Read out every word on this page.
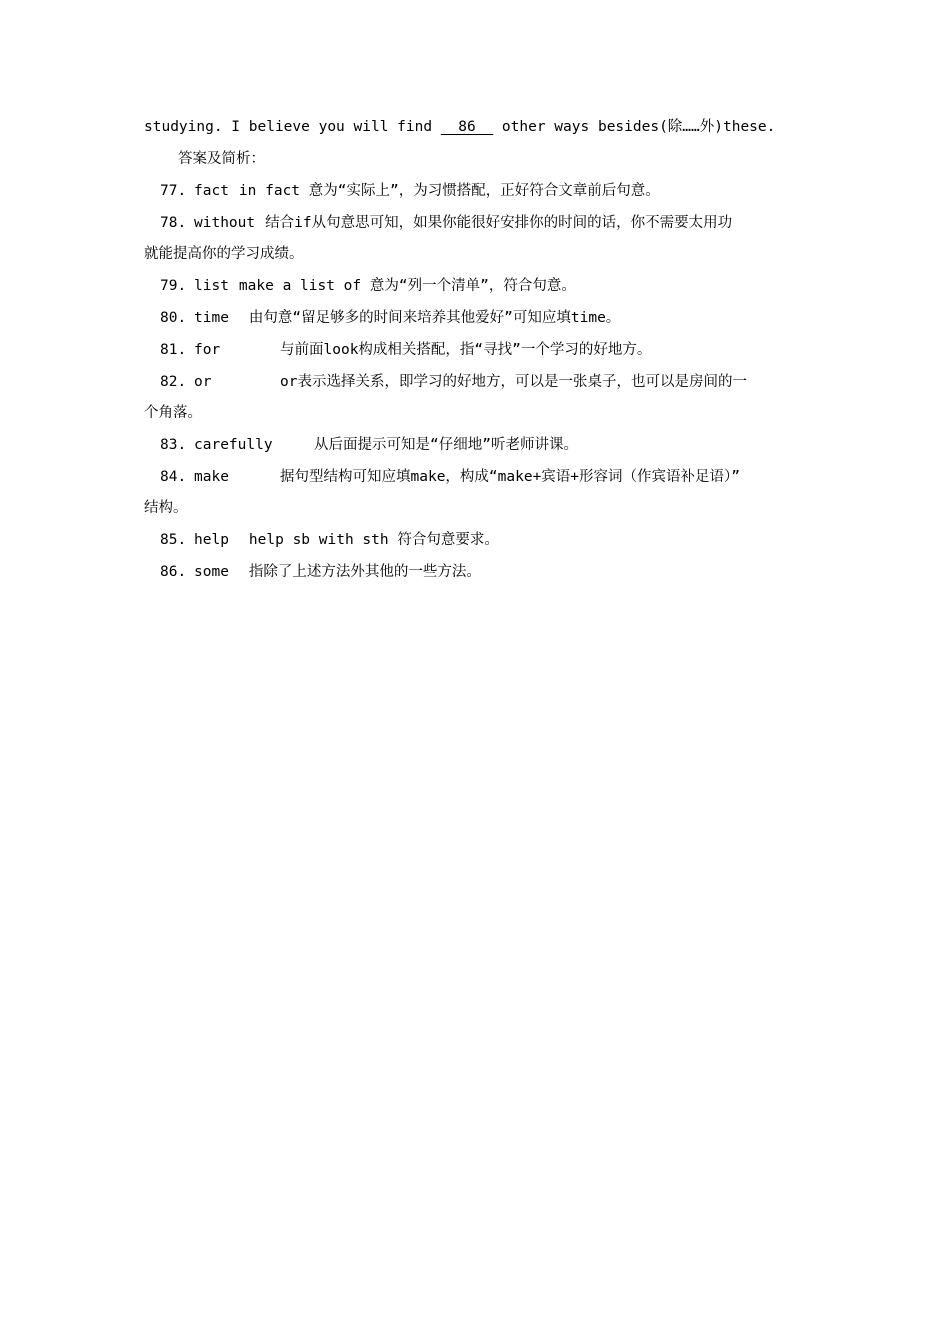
studying. I believe you will find   86   other ways besides(除……外)these.
答案及简析：
77. fact in fact 意为“实际上”，为习惯搭配，正好符合文章前后句意。
78. without 结合if从句意思可知，如果你能很好安排你的时间的话，你不需要太用功
就能提高你的学习成绩。
79. list make a list of 意为“列一个清单”，符合句意。
80. time 由句意“留足够多的时间来培养其他爱好”可知应填time。
81. for	与前面look构成相关搭配，指“寻找”一个学习的好地方。
82. or	or表示选择关系，即学习的好地方，可以是一张桌子，也可以是房间的一
个角落。
83. carefully	从后面提示可知是“仔细地”听老师讲课。
84. make	据句型结构可知应填make，构成“make+宾语+形容词（作宾语补足语）”
结构。
85. help help sb with sth 符合句意要求。
86. some 指除了上述方法外其他的一些方法。
